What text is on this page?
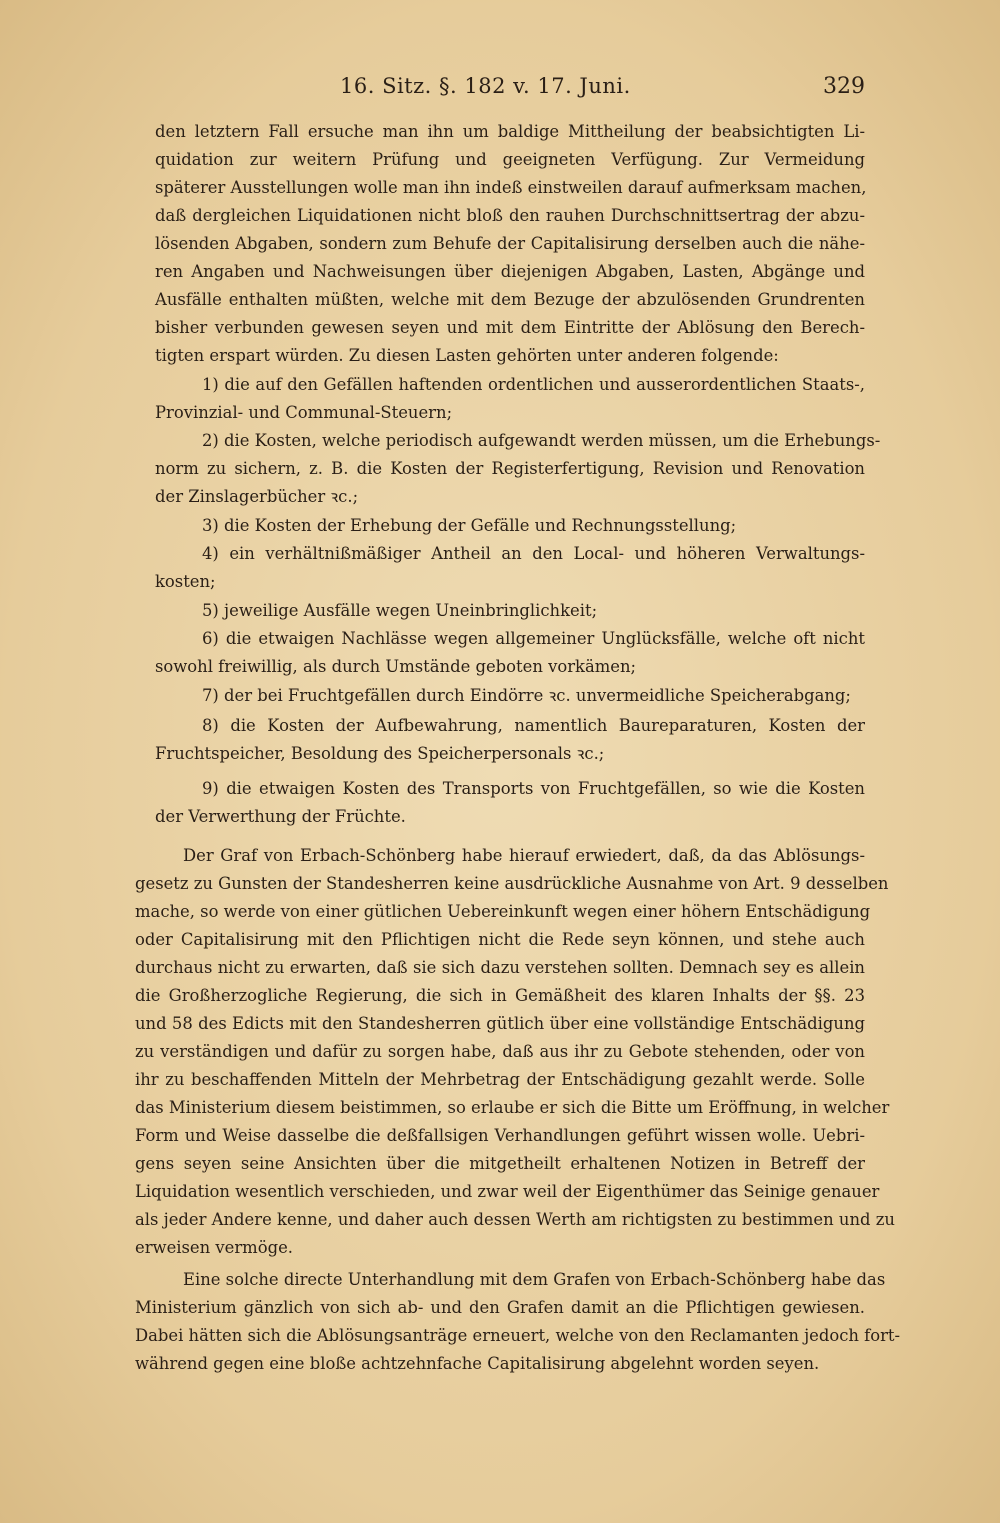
16. Sitz. §. 182 v. 17. Juni.	329
den letztern Fall ersuche man ihn um baldige Mittheilung der beabsichtigten Li-
quidation zur weitern Prüfung und geeigneten Verfügung. Zur Vermeidung
späterer Ausstellungen wolle man ihn indeß einstweilen darauf aufmerksam machen,
daß dergleichen Liquidationen nicht bloß den rauhen Durchschnittsertrag der abzu-
lösenden Abgaben, sondern zum Behufe der Capitalisirung derselben auch die nähe-
ren Angaben und Nachweisungen über diejenigen Abgaben, Lasten, Abgänge und
Ausfälle enthalten müßten, welche mit dem Bezuge der abzulösenden Grundrenten
bisher verbunden gewesen seyen und mit dem Eintritte der Ablösung den Berech-
tigten erspart würden. Zu diesen Lasten gehörten unter anderen folgende:
1) die auf den Gefällen haftenden ordentlichen und ausserordentlichen Staats-,
Provinzial- und Communal-Steuern;
2) die Kosten, welche periodisch aufgewandt werden müssen, um die Erhebungs-
norm zu sichern, z. B. die Kosten der Registerfertigung, Revision und Renovation
der Zinslagerbücher ꝛc.;
3) die Kosten der Erhebung der Gefälle und Rechnungsstellung;
4) ein verhältnißmäßiger Antheil an den Local- und höheren Verwaltungs-
kosten;
5) jeweilige Ausfälle wegen Uneinbringlichkeit;
6) die etwaigen Nachlässe wegen allgemeiner Unglücksfälle, welche oft nicht
sowohl freiwillig, als durch Umstände geboten vorkämen;
7) der bei Fruchtgefällen durch Eindörre ꝛc. unvermeidliche Speicherabgang;
8) die Kosten der Aufbewahrung, namentlich Baureparaturen, Kosten der
Fruchtspeicher, Besoldung des Speicherpersonals ꝛc.;
9) die etwaigen Kosten des Transports von Fruchtgefällen, so wie die Kosten
der Verwerthung der Früchte.
Der Graf von Erbach-Schönberg habe hierauf erwiedert, daß, da das Ablösungs-
gesetz zu Gunsten der Standesherren keine ausdrückliche Ausnahme von Art. 9 desselben
mache, so werde von einer gütlichen Uebereinkunft wegen einer höhern Entschädigung
oder Capitalisirung mit den Pflichtigen nicht die Rede seyn können, und stehe auch
durchaus nicht zu erwarten, daß sie sich dazu verstehen sollten. Demnach sey es allein
die Großherzogliche Regierung, die sich in Gemäßheit des klaren Inhalts der §§. 23
und 58 des Edicts mit den Standesherren gütlich über eine vollständige Entschädigung
zu verständigen und dafür zu sorgen habe, daß aus ihr zu Gebote stehenden, oder von
ihr zu beschaffenden Mitteln der Mehrbetrag der Entschädigung gezahlt werde. Solle
das Ministerium diesem beistimmen, so erlaube er sich die Bitte um Eröffnung, in welcher
Form und Weise dasselbe die deßfallsigen Verhandlungen geführt wissen wolle. Uebri-
gens seyen seine Ansichten über die mitgetheilt erhaltenen Notizen in Betreff der
Liquidation wesentlich verschieden, und zwar weil der Eigenthümer das Seinige genauer
als jeder Andere kenne, und daher auch dessen Werth am richtigsten zu bestimmen und zu
erweisen vermöge.
Eine solche directe Unterhandlung mit dem Grafen von Erbach-Schönberg habe das
Ministerium gänzlich von sich ab- und den Grafen damit an die Pflichtigen gewiesen.
Dabei hätten sich die Ablösungsanträge erneuert, welche von den Reclamanten jedoch fort-
während gegen eine bloße achtzehnfache Capitalisirung abgelehnt worden seyen.
